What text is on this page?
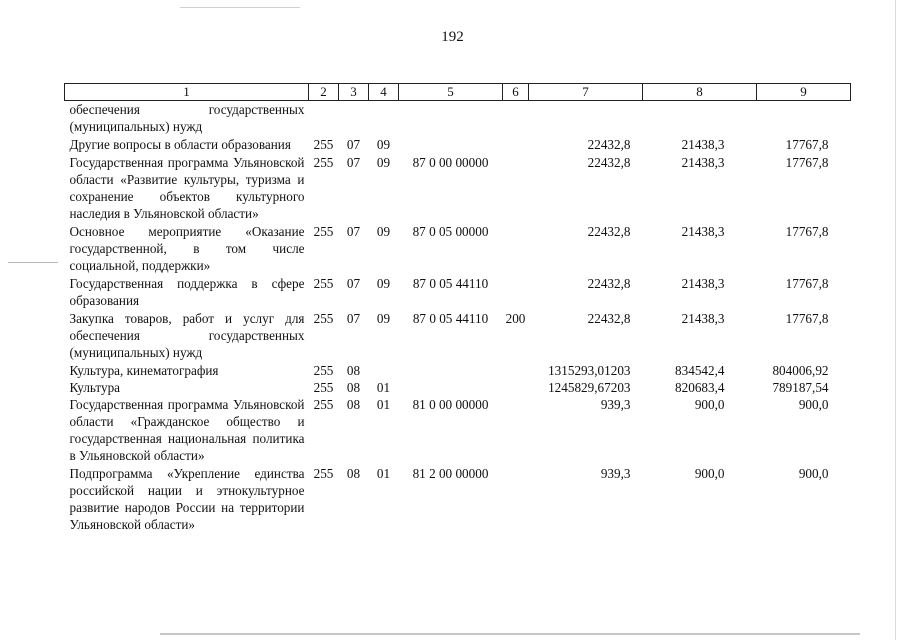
192
1	2	3	4	5	6	7	8	9
обеспечения государственных (муниципальных) нужд								
Другие вопросы в области образования	255	07	09			22432,8	21438,3	17767,8
Государственная программа Ульяновской области «Развитие культуры, туризма и сохранение объектов культурного наследия в Ульяновской области»	255	07	09	87 0 00 00000		22432,8	21438,3	17767,8
Основное мероприятие «Оказание государственной, в том числе социальной, поддержки»	255	07	09	87 0 05 00000		22432,8	21438,3	17767,8
Государственная поддержка в сфере образования	255	07	09	87 0 05 44110		22432,8	21438,3	17767,8
Закупка товаров, работ и услуг для обеспечения государственных (муниципальных) нужд	255	07	09	87 0 05 44110	200	22432,8	21438,3	17767,8
Культура, кинематография	255	08				1315293,01203	834542,4	804006,92
Культура	255	08	01			1245829,67203	820683,4	789187,54
Государственная программа Ульяновской области «Гражданское общество и государственная национальная политика в Ульяновской области»	255	08	01	81 0 00 00000		939,3	900,0	900,0
Подпрограмма «Укрепление единства российской нации и этнокультурное развитие народов России на территории Ульяновской области»	255	08	01	81 2 00 00000		939,3	900,0	900,0
